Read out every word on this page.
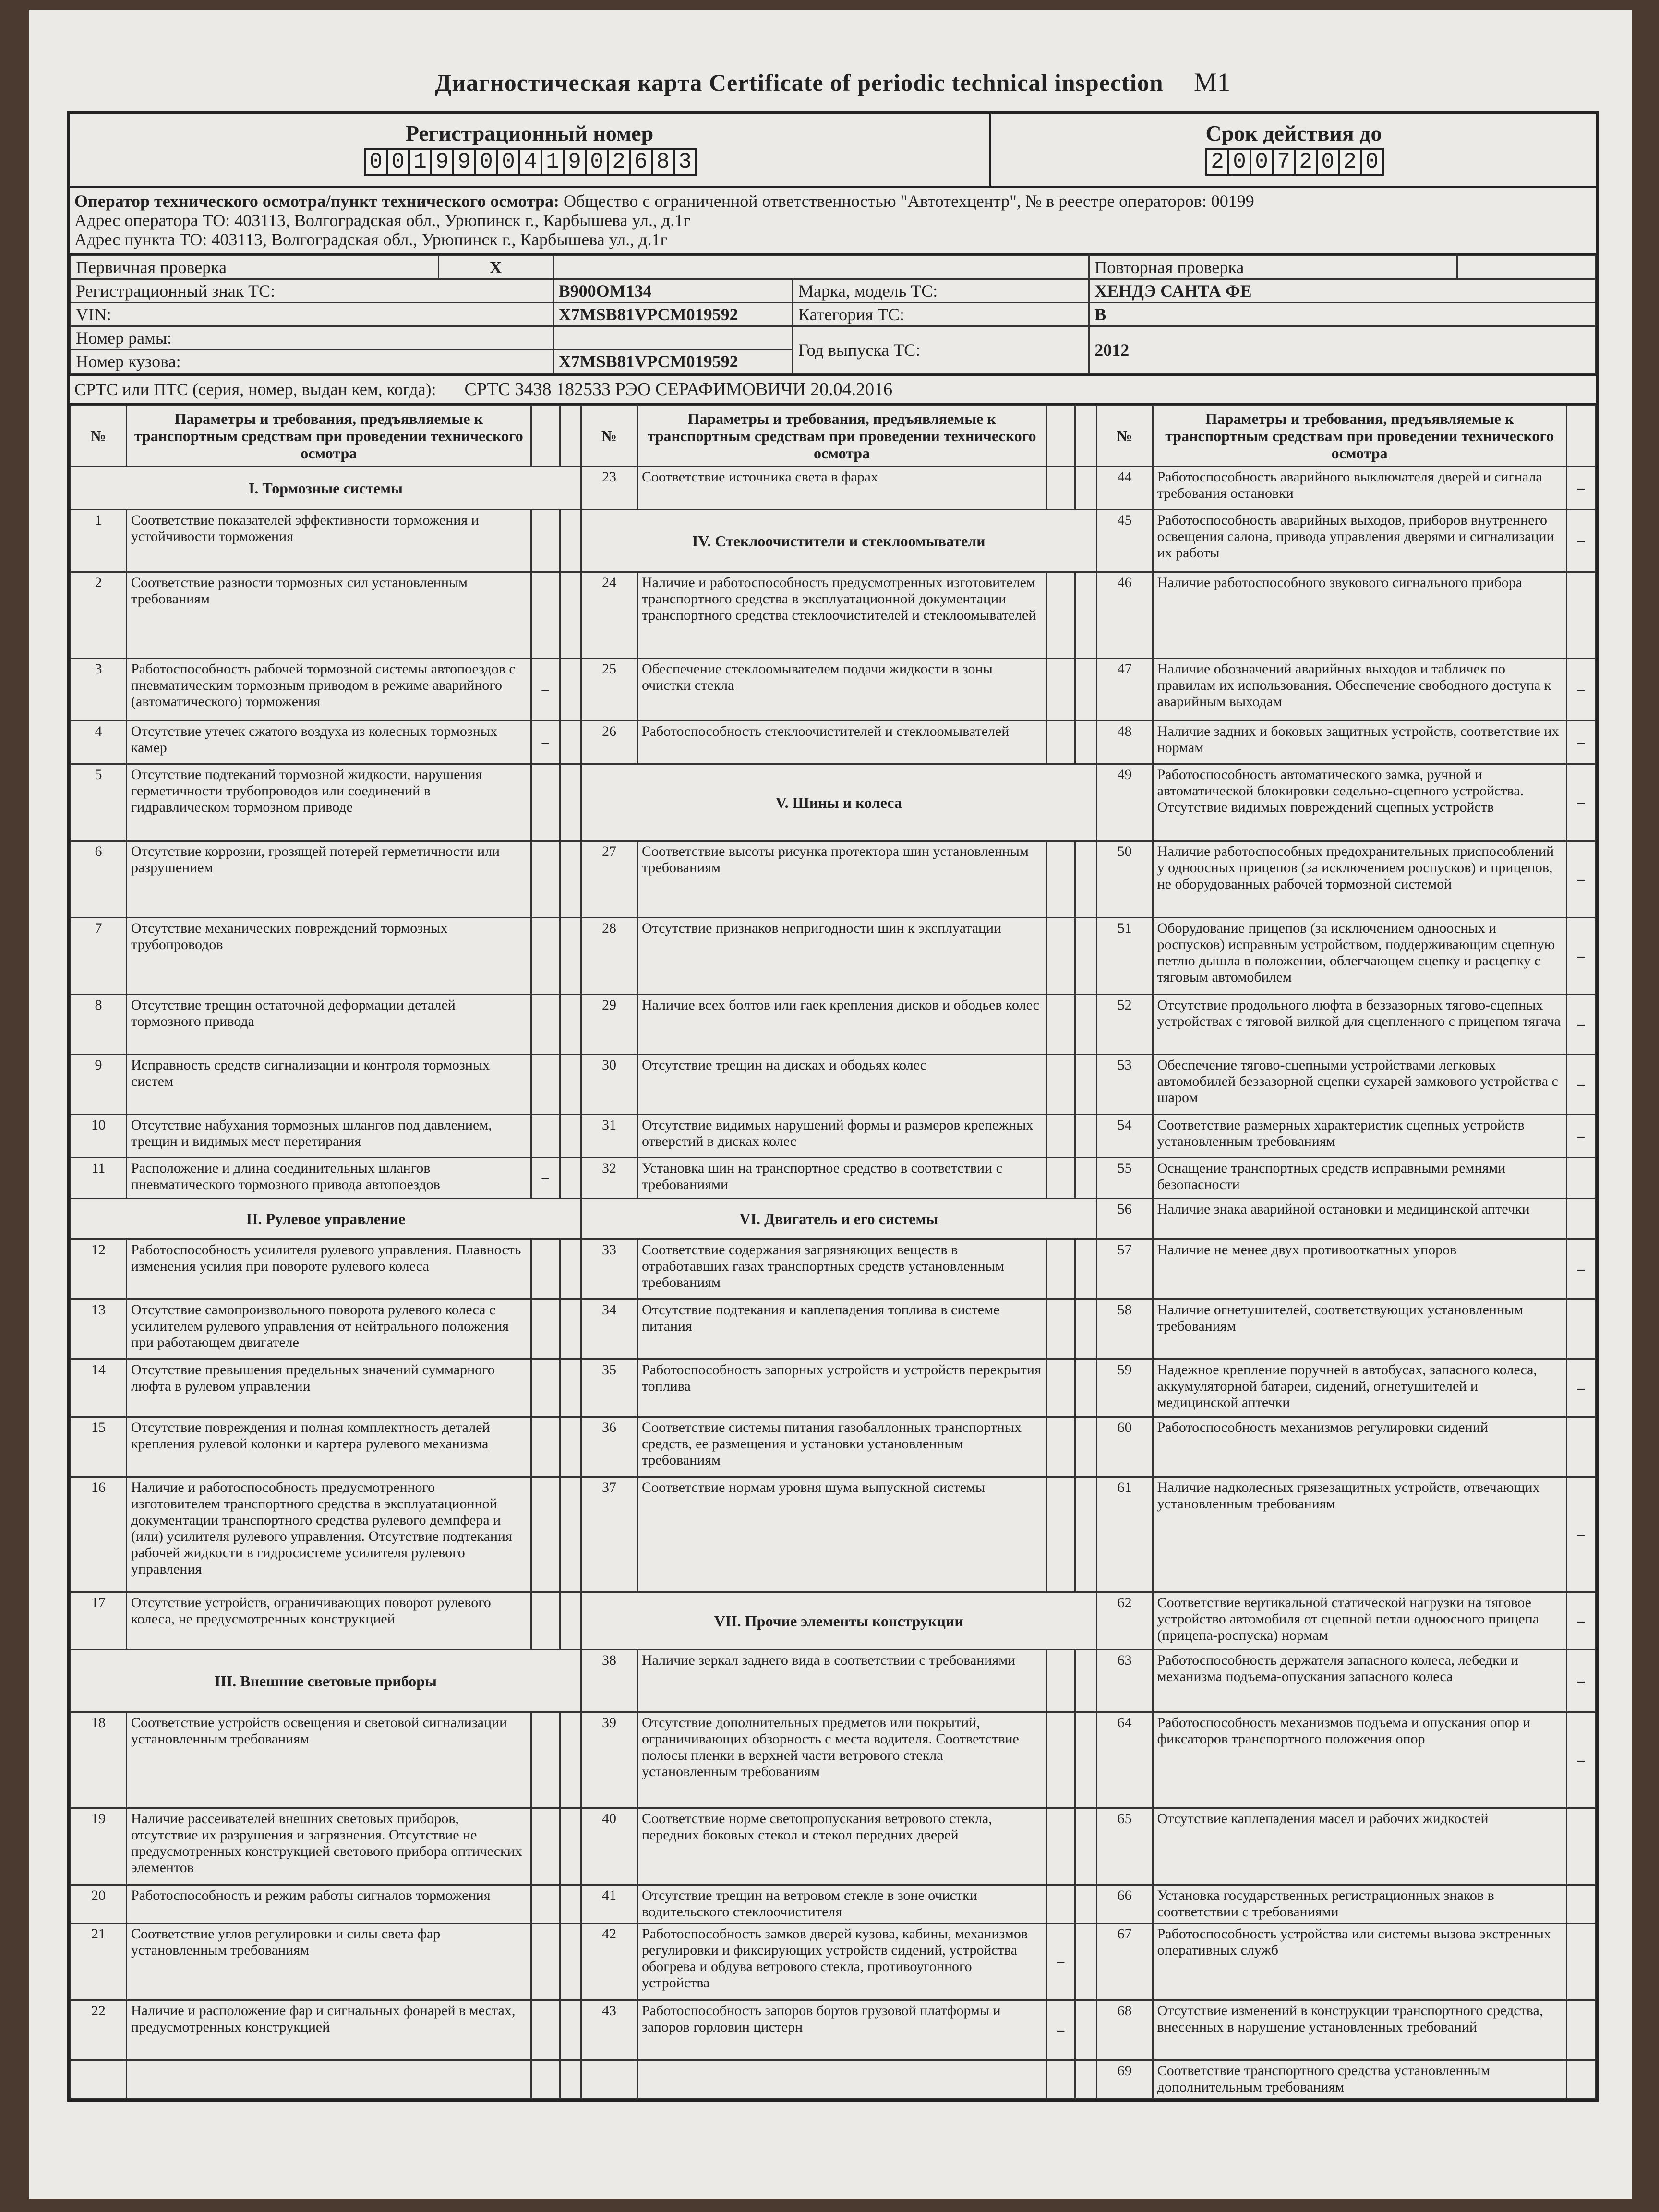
Диагностическая карта Certificate of periodic technical inspection М1
Регистрационный номер
0 0 1 9 9 0 0 4 1 9 0 2 6 8 3
Срок действия до
2 0 0 7 2 0 2 0
Оператор технического осмотра/пункт технического осмотра: Общество с ограниченной ответственностью "Автотехцентр", № в реестре операторов: 00199
Адрес оператора ТО: 403113, Волгоградская обл., Урюпинск г., Карбышева ул., д.1г
Адрес пункта ТО: 403113, Волгоградская обл., Урюпинск г., Карбышева ул., д.1г
Первичная проверка	X			Повторная проверка	
Регистрационный знак ТС:		В900ОМ134	Марка, модель ТС:	ХЕНДЭ САНТА ФЕ	
VIN:		X7MSB81VPCM019592	Категория ТС:	B	
Номер рамы:			Год выпуска ТС:	2012	
Номер кузова:		X7MSB81VPCM019592			
СРТС или ПТС (серия, номер, выдан кем, когда): СРТС 3438 182533 РЭО СЕРАФИМОВИЧИ 20.04.2016
№	Параметры и требования, предъявляемые к транспортным средствам при проведении технического осмотра			№	Параметры и требования, предъявляемые к транспортным средствам при проведении технического осмотра			№	Параметры и требования, предъявляемые к транспортным средствам при проведении технического осмотра	
I. Тормозные системы				23	Соответствие источника света в фарах			44	Работоспособность аварийного выключателя дверей и сигнала требования остановки	–
1	Соответствие показателей эффективности торможения и устойчивости торможения			IV. Стеклоочистители и стеклоомыватели				45	Работоспособность аварийных выходов, приборов внутреннего освещения салона, привода управления дверями и сигнализации их работы	–
2	Соответствие разности тормозных сил установленным требованиям			24	Наличие и работоспособность предусмотренных изготовителем транспортного средства в эксплуатационной документации транспортного средства стеклоочистителей и стеклоомывателей			46	Наличие работоспособного звукового сигнального прибора	
3	Работоспособность рабочей тормозной системы автопоездов с пневматическим тормозным приводом в режиме аварийного (автоматического) торможения	–		25	Обеспечение стеклоомывателем подачи жидкости в зоны очистки стекла			47	Наличие обозначений аварийных выходов и табличек по правилам их использования. Обеспечение свободного доступа к аварийным выходам	–
4	Отсутствие утечек сжатого воздуха из колесных тормозных камер	–		26	Работоспособность стеклоочистителей и стеклоомывателей			48	Наличие задних и боковых защитных устройств, соответствие их нормам	–
5	Отсутствие подтеканий тормозной жидкости, нарушения герметичности трубопроводов или соединений в гидравлическом тормозном приводе			V. Шины и колеса				49	Работоспособность автоматического замка, ручной и автоматической блокировки седельно-сцепного устройства. Отсутствие видимых повреждений сцепных устройств	–
6	Отсутствие коррозии, грозящей потерей герметичности или разрушением			27	Соответствие высоты рисунка протектора шин установленным требованиям			50	Наличие работоспособных предохранительных приспособлений у одноосных прицепов (за исключением роспусков) и прицепов, не оборудованных рабочей тормозной системой	–
7	Отсутствие механических повреждений тормозных трубопроводов			28	Отсутствие признаков непригодности шин к эксплуатации			51	Оборудование прицепов (за исключением одноосных и роспусков) исправным устройством, поддерживающим сцепную петлю дышла в положении, облегчающем сцепку и расцепку с тяговым автомобилем	–
8	Отсутствие трещин остаточной деформации деталей тормозного привода			29	Наличие всех болтов или гаек крепления дисков и ободьев колес			52	Отсутствие продольного люфта в беззазорных тягово-сцепных устройствах с тяговой вилкой для сцепленного с прицепом тягача	–
9	Исправность средств сигнализации и контроля тормозных систем			30	Отсутствие трещин на дисках и ободьях колес			53	Обеспечение тягово-сцепными устройствами легковых автомобилей беззазорной сцепки сухарей замкового устройства с шаром	–
10	Отсутствие набухания тормозных шлангов под давлением, трещин и видимых мест перетирания			31	Отсутствие видимых нарушений формы и размеров крепежных отверстий в дисках колес			54	Соответствие размерных характеристик сцепных устройств установленным требованиям	–
11	Расположение и длина соединительных шлангов пневматического тормозного привода автопоездов	–		32	Установка шин на транспортное средство в соответствии с требованиями			55	Оснащение транспортных средств исправными ремнями безопасности	
II. Рулевое управление				VI. Двигатель и его системы				56	Наличие знака аварийной остановки и медицинской аптечки	
12	Работоспособность усилителя рулевого управления. Плавность изменения усилия при повороте рулевого колеса			33	Соответствие содержания загрязняющих веществ в отработавших газах транспортных средств установленным требованиям			57	Наличие не менее двух противооткатных упоров	–
13	Отсутствие самопроизвольного поворота рулевого колеса с усилителем рулевого управления от нейтрального положения при работающем двигателе			34	Отсутствие подтекания и каплепадения топлива в системе питания			58	Наличие огнетушителей, соответствующих установленным требованиям	
14	Отсутствие превышения предельных значений суммарного люфта в рулевом управлении			35	Работоспособность запорных устройств и устройств перекрытия топлива			59	Надежное крепление поручней в автобусах, запасного колеса, аккумуляторной батареи, сидений, огнетушителей и медицинской аптечки	–
15	Отсутствие повреждения и полная комплектность деталей крепления рулевой колонки и картера рулевого механизма			36	Соответствие системы питания газобаллонных транспортных средств, ее размещения и установки установленным требованиям			60	Работоспособность механизмов регулировки сидений	
16	Наличие и работоспособность предусмотренного изготовителем транспортного средства в эксплуатационной документации транспортного средства рулевого демпфера и (или) усилителя рулевого управления. Отсутствие подтекания рабочей жидкости в гидросистеме усилителя рулевого управления			37	Соответствие нормам уровня шума выпускной системы			61	Наличие надколесных грязезащитных устройств, отвечающих установленным требованиям	–
17	Отсутствие устройств, ограничивающих поворот рулевого колеса, не предусмотренных конструкцией			VII. Прочие элементы конструкции				62	Соответствие вертикальной статической нагрузки на тяговое устройство автомобиля от сцепной петли одноосного прицепа (прицепа-роспуска) нормам	–
III. Внешние световые приборы				38	Наличие зеркал заднего вида в соответствии с требованиями			63	Работоспособность держателя запасного колеса, лебедки и механизма подъема-опускания запасного колеса	–
18	Соответствие устройств освещения и световой сигнализации установленным требованиям			39	Отсутствие дополнительных предметов или покрытий, ограничивающих обзорность с места водителя. Соответствие полосы пленки в верхней части ветрового стекла установленным требованиям			64	Работоспособность механизмов подъема и опускания опор и фиксаторов транспортного положения опор	–
19	Наличие рассеивателей внешних световых приборов, отсутствие их разрушения и загрязнения. Отсутствие не предусмотренных конструкцией светового прибора оптических элементов			40	Соответствие норме светопропускания ветрового стекла, передних боковых стекол и стекол передних дверей			65	Отсутствие каплепадения масел и рабочих жидкостей	
20	Работоспособность и режим работы сигналов торможения			41	Отсутствие трещин на ветровом стекле в зоне очистки водительского стеклоочистителя			66	Установка государственных регистрационных знаков в соответствии с требованиями	
21	Соответствие углов регулировки и силы света фар установленным требованиям			42	Работоспособность замков дверей кузова, кабины, механизмов регулировки и фиксирующих устройств сидений, устройства обогрева и обдува ветрового стекла, противоугонного устройства	–		67	Работоспособность устройства или системы вызова экстренных оперативных служб	
22	Наличие и расположение фар и сигнальных фонарей в местах, предусмотренных конструкцией			43	Работоспособность запоров бортов грузовой платформы и запоров горловин цистерн	–		68	Отсутствие изменений в конструкции транспортного средства, внесенных в нарушение установленных требований	
								69	Соответствие транспортного средства установленным дополнительным требованиям	
